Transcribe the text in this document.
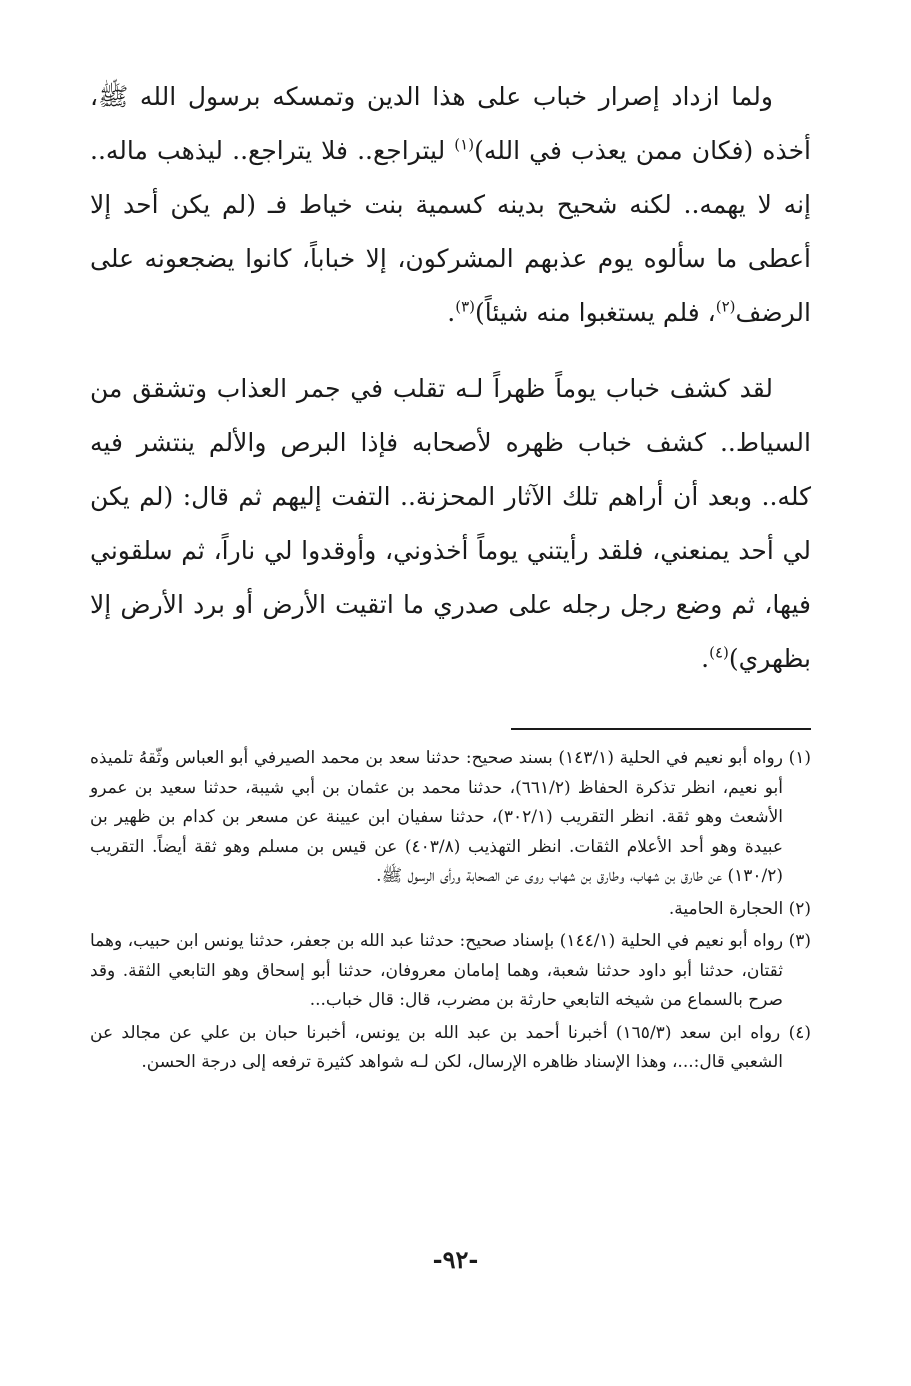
ولما ازداد إصرار خباب على هذا الدين وتمسكه برسول الله ﷺ، أخذه (فكان ممن يعذب في الله)$^{(١)}$ ليتراجع.. فلا يتراجع.. ليذهب ماله.. إنه لا يهمه.. لكنه شحيح بدينه كسمية بنت خياط فـ (لم يكن أحد إلا أعطى ما سألوه يوم عذبهم المشركون، إلا خباباً، كانوا يضجعونه على الرضف$^{(٢)}$، فلم يستغبوا منه شيئاً)$^{(٣)}$.

لقد كشف خباب يوماً ظهراً لـه تقلب في جمر العذاب وتشقق من السياط.. كشف خباب ظهره لأصحابه فإذا البرص والألم ينتشر فيه كله.. وبعد أن أراهم تلك الآثار المحزنة.. التفت إليهم ثم قال: (لم يكن لي أحد يمنعني، فلقد رأيتني يوماً أخذوني، وأوقدوا لي ناراً، ثم سلقوني فيها، ثم وضع رجل رجله على صدري ما اتقيت الأرض أو برد الأرض إلا بظهري)$^{(٤)}$.

(١) رواه أبو نعيم في الحلية (١٤٣/١) بسند صحيح: حدثنا سعد بن محمد الصيرفي أبو العباس وثّقهُ تلميذه أبو نعيم، انظر تذكرة الحفاظ (٦٦١/٢)، حدثنا محمد بن عثمان بن أبي شيبة، حدثنا سعيد بن عمرو الأشعث وهو ثقة. انظر التقريب (٣٠٢/١)، حدثنا سفيان ابن عيينة عن مسعر بن كدام بن ظهير بن عبيدة وهو أحد الأعلام الثقات. انظر التهذيب (٤٠٣/٨) عن قيس بن مسلم وهو ثقة أيضاً. التقريب (١٣٠/٢) عن طارق بن شهاب، وطارق بن شهاب روى عن الصحابة ورأى الرسول ﷺ.

(٢) الحجارة الحامية.

(٣) رواه أبو نعيم في الحلية (١٤٤/١) بإسناد صحيح: حدثنا عبد الله بن جعفر، حدثنا يونس ابن حبيب، وهما ثقتان، حدثنا أبو داود حدثنا شعبة، وهما إمامان معروفان، حدثنا أبو إسحاق وهو التابعي الثقة. وقد صرح بالسماع من شيخه التابعي حارثة بن مضرب، قال: قال خباب...

(٤) رواه ابن سعد (١٦٥/٣) أخبرنا أحمد بن عبد الله بن يونس، أخبرنا حبان بن علي عن مجالد عن الشعبي قال:...، وهذا الإسناد ظاهره الإرسال، لكن لـه شواهد كثيرة ترفعه إلى درجة الحسن.

-٩٢-
